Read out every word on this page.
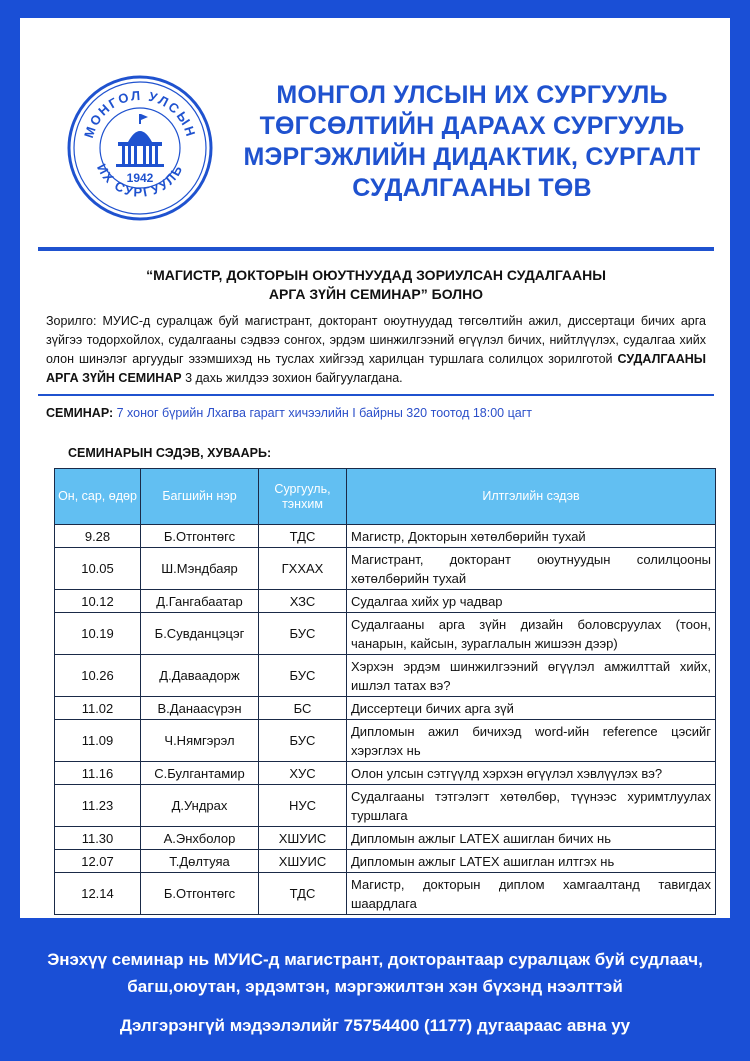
МОНГОЛ УЛСЫН
ИХ СУРГУУЛЬ
1942
МОНГОЛ УЛСЫН ИХ СУРГУУЛЬ
ТӨГСӨЛТИЙН ДАРААХ СУРГУУЛЬ
МЭРГЭЖЛИЙН ДИДАКТИК, СУРГАЛТ
СУДАЛГААНЫ ТӨВ
“МАГИСТР, ДОКТОРЫН ОЮУТНУУДАД ЗОРИУЛСАН СУДАЛГААНЫ
АРГА ЗҮЙН СЕМИНАР” БОЛНО
Зорилго: МУИС-д суралцаж буй магистрант, докторант оюутнуудад төгсөлтийн ажил, диссертаци бичих арга зүйгээ тодорхойлох, судалгааны сэдвээ сонгох, эрдэм шинжилгээний өгүүлэл бичих, нийтлүүлэх, судалгаа хийх олон шинэлэг аргуудыг эзэмшихэд нь туслах хийгээд харилцан туршлага солилцох зорилготой СУДАЛГААНЫ АРГА ЗҮЙН СЕМИНАР 3 дахь жилдээ зохион байгуулагдана.
СЕМИНАР: 7 хоног бүрийн Лхагва гарагт хичээлийн I байрны 320 тоотод 18:00 цагт
СЕМИНАРЫН СЭДЭВ, ХУВААРЬ:
Он, сар, өдөр	Багшийн нэр	Сургууль, тэнхим	Илтгэлийн сэдэв
9.28	Б.Отгонтөгс	ТДС	Магистр, Докторын хөтөлбөрийн тухай
10.05	Ш.Мэндбаяр	ГХХАХ	Магистрант, докторант оюутнуудын солилцооны хөтөлбөрийн тухай
10.12	Д.Гангабаатар	ХЗС	Судалгаа хийх ур чадвар
10.19	Б.Сувданцэцэг	БУС	Судалгааны арга зүйн дизайн боловсруулах (тоон, чанарын, кайсын, зураглалын жишээн дээр)
10.26	Д.Даваадорж	БУС	Хэрхэн эрдэм шинжилгээний өгүүлэл амжилттай хийх, ишлэл татах вэ?
11.02	В.Данаасүрэн	БС	Диссертеци бичих арга зүй
11.09	Ч.Нямгэрэл	БУС	Дипломын ажил бичихэд word-ийн reference цэсийг хэрэглэх нь
11.16	С.Булгантамир	ХУС	Олон улсын сэтгүүлд хэрхэн өгүүлэл хэвлүүлэх вэ?
11.23	Д.Ундрах	НУС	Судалгааны тэтгэлэгт хөтөлбөр, түүнээс хуримтлуулах туршлага
11.30	А.Энхболор	ХШУИС	Дипломын ажлыг LATEX ашиглан бичих нь
12.07	Т.Дөлтуяа	ХШУИС	Дипломын ажлыг LATEX ашиглан илтгэх нь
12.14	Б.Отгонтөгс	ТДС	Магистр, докторын диплом хамгаалтанд тавигдах шаардлага
Энэхүү семинар нь МУИС-д магистрант, докторантаар суралцаж буй судлаач,
багш,оюутан, эрдэмтэн, мэргэжилтэн хэн бүхэнд нээлттэй
Дэлгэрэнгүй мэдээлэлийг 75754400 (1177) дугаараас авна уу
